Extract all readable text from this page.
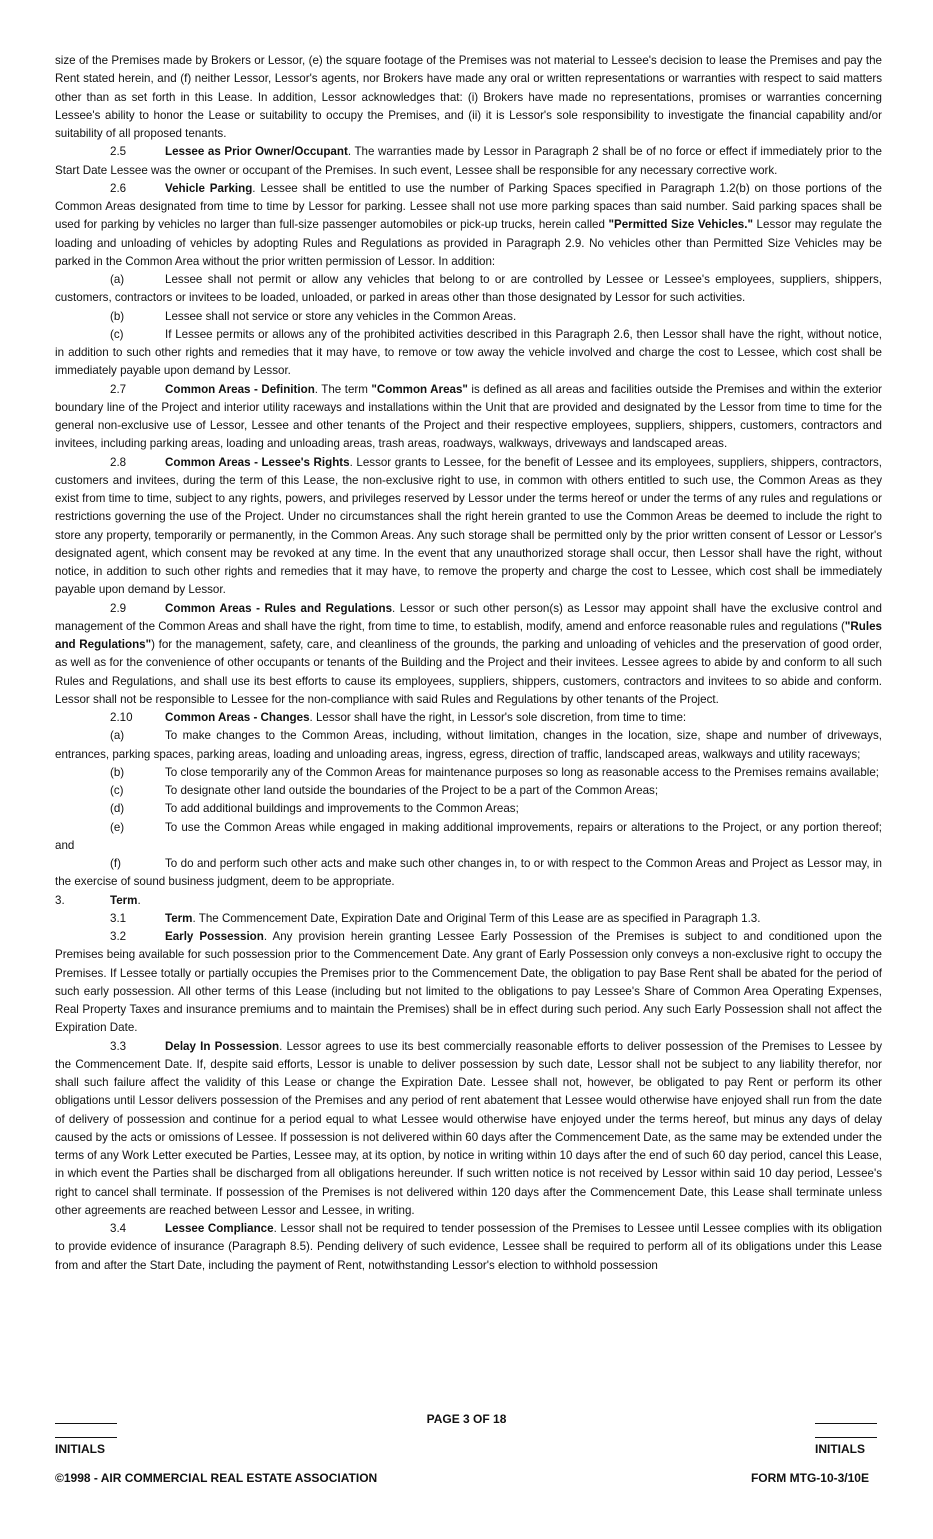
size of the Premises made by Brokers or Lessor, (e) the square footage of the Premises was not material to Lessee's decision to lease the Premises and pay the Rent stated herein, and (f) neither Lessor, Lessor's agents, nor Brokers have made any oral or written representations or warranties with respect to said matters other than as set forth in this Lease. In addition, Lessor acknowledges that: (i) Brokers have made no representations, promises or warranties concerning Lessee's ability to honor the Lease or suitability to occupy the Premises, and (ii) it is Lessor's sole responsibility to investigate the financial capability and/or suitability of all proposed tenants.

2.5	Lessee as Prior Owner/Occupant. The warranties made by Lessor in Paragraph 2 shall be of no force or effect if immediately prior to the Start Date Lessee was the owner or occupant of the Premises. In such event, Lessee shall be responsible for any necessary corrective work.

2.6	Vehicle Parking. Lessee shall be entitled to use the number of Parking Spaces specified in Paragraph 1.2(b) on those portions of the Common Areas designated from time to time by Lessor for parking. Lessee shall not use more parking spaces than said number. Said parking spaces shall be used for parking by vehicles no larger than full-size passenger automobiles or pick-up trucks, herein called "Permitted Size Vehicles." Lessor may regulate the loading and unloading of vehicles by adopting Rules and Regulations as provided in Paragraph 2.9. No vehicles other than Permitted Size Vehicles may be parked in the Common Area without the prior written permission of Lessor. In addition:

(a)	Lessee shall not permit or allow any vehicles that belong to or are controlled by Lessee or Lessee's employees, suppliers, shippers, customers, contractors or invitees to be loaded, unloaded, or parked in areas other than those designated by Lessor for such activities.

(b)	Lessee shall not service or store any vehicles in the Common Areas.

(c)	If Lessee permits or allows any of the prohibited activities described in this Paragraph 2.6, then Lessor shall have the right, without notice, in addition to such other rights and remedies that it may have, to remove or tow away the vehicle involved and charge the cost to Lessee, which cost shall be immediately payable upon demand by Lessor.

2.7	Common Areas - Definition. The term "Common Areas" is defined as all areas and facilities outside the Premises and within the exterior boundary line of the Project and interior utility raceways and installations within the Unit that are provided and designated by the Lessor from time to time for the general non-exclusive use of Lessor, Lessee and other tenants of the Project and their respective employees, suppliers, shippers, customers, contractors and invitees, including parking areas, loading and unloading areas, trash areas, roadways, walkways, driveways and landscaped areas.

2.8	Common Areas - Lessee's Rights. Lessor grants to Lessee, for the benefit of Lessee and its employees, suppliers, shippers, contractors, customers and invitees, during the term of this Lease, the non-exclusive right to use, in common with others entitled to such use, the Common Areas as they exist from time to time, subject to any rights, powers, and privileges reserved by Lessor under the terms hereof or under the terms of any rules and regulations or restrictions governing the use of the Project. Under no circumstances shall the right herein granted to use the Common Areas be deemed to include the right to store any property, temporarily or permanently, in the Common Areas. Any such storage shall be permitted only by the prior written consent of Lessor or Lessor's designated agent, which consent may be revoked at any time. In the event that any unauthorized storage shall occur, then Lessor shall have the right, without notice, in addition to such other rights and remedies that it may have, to remove the property and charge the cost to Lessee, which cost shall be immediately payable upon demand by Lessor.

2.9	Common Areas - Rules and Regulations. Lessor or such other person(s) as Lessor may appoint shall have the exclusive control and management of the Common Areas and shall have the right, from time to time, to establish, modify, amend and enforce reasonable rules and regulations ("Rules and Regulations") for the management, safety, care, and cleanliness of the grounds, the parking and unloading of vehicles and the preservation of good order, as well as for the convenience of other occupants or tenants of the Building and the Project and their invitees. Lessee agrees to abide by and conform to all such Rules and Regulations, and shall use its best efforts to cause its employees, suppliers, shippers, customers, contractors and invitees to so abide and conform. Lessor shall not be responsible to Lessee for the non-compliance with said Rules and Regulations by other tenants of the Project.

2.10	Common Areas - Changes. Lessor shall have the right, in Lessor's sole discretion, from time to time:

(a)	To make changes to the Common Areas, including, without limitation, changes in the location, size, shape and number of driveways, entrances, parking spaces, parking areas, loading and unloading areas, ingress, egress, direction of traffic, landscaped areas, walkways and utility raceways;

(b)	To close temporarily any of the Common Areas for maintenance purposes so long as reasonable access to the Premises remains available;

(c)	To designate other land outside the boundaries of the Project to be a part of the Common Areas;

(d)	To add additional buildings and improvements to the Common Areas;

(e)	To use the Common Areas while engaged in making additional improvements, repairs or alterations to the Project, or any portion thereof; and

(f)	To do and perform such other acts and make such other changes in, to or with respect to the Common Areas and Project as Lessor may, in the exercise of sound business judgment, deem to be appropriate.

3.	Term.

3.1	Term. The Commencement Date, Expiration Date and Original Term of this Lease are as specified in Paragraph 1.3.

3.2	Early Possession. Any provision herein granting Lessee Early Possession of the Premises is subject to and conditioned upon the Premises being available for such possession prior to the Commencement Date. Any grant of Early Possession only conveys a non-exclusive right to occupy the Premises. If Lessee totally or partially occupies the Premises prior to the Commencement Date, the obligation to pay Base Rent shall be abated for the period of such early possession. All other terms of this Lease (including but not limited to the obligations to pay Lessee's Share of Common Area Operating Expenses, Real Property Taxes and insurance premiums and to maintain the Premises) shall be in effect during such period. Any such Early Possession shall not affect the Expiration Date.

3.3	Delay In Possession. Lessor agrees to use its best commercially reasonable efforts to deliver possession of the Premises to Lessee by the Commencement Date. If, despite said efforts, Lessor is unable to deliver possession by such date, Lessor shall not be subject to any liability therefor, nor shall such failure affect the validity of this Lease or change the Expiration Date. Lessee shall not, however, be obligated to pay Rent or perform its other obligations until Lessor delivers possession of the Premises and any period of rent abatement that Lessee would otherwise have enjoyed shall run from the date of delivery of possession and continue for a period equal to what Lessee would otherwise have enjoyed under the terms hereof, but minus any days of delay caused by the acts or omissions of Lessee. If possession is not delivered within 60 days after the Commencement Date, as the same may be extended under the terms of any Work Letter executed be Parties, Lessee may, at its option, by notice in writing within 10 days after the end of such 60 day period, cancel this Lease, in which event the Parties shall be discharged from all obligations hereunder. If such written notice is not received by Lessor within said 10 day period, Lessee's right to cancel shall terminate. If possession of the Premises is not delivered within 120 days after the Commencement Date, this Lease shall terminate unless other agreements are reached between Lessor and Lessee, in writing.

3.4	Lessee Compliance. Lessor shall not be required to tender possession of the Premises to Lessee until Lessee complies with its obligation to provide evidence of insurance (Paragraph 8.5). Pending delivery of such evidence, Lessee shall be required to perform all of its obligations under this Lease from and after the Start Date, including the payment of Rent, notwithstanding Lessor's election to withhold possession

PAGE 3 OF 18
INITIALS	INITIALS
©1998 - AIR COMMERCIAL REAL ESTATE ASSOCIATION	FORM MTG-10-3/10E
